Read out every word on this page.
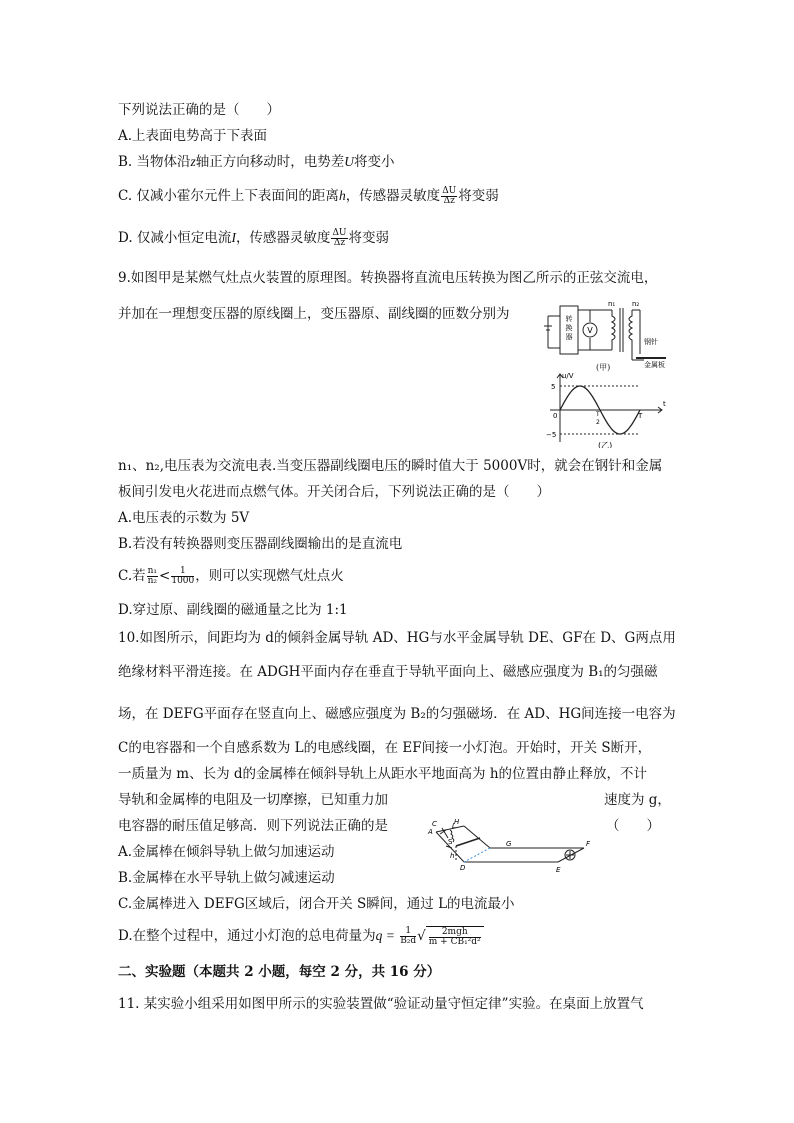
下列说法正确的是（　　）
A.上表面电势高于下表面
B. 当物体沿z轴正方向移动时，电势差U将变小
C. 仅减小霍尔元件上下表面间的距离h，传感器灵敏度 $\frac{\Delta U}{\Delta z}$ 将变弱
D. 仅减小恒定电流I，传感器灵敏度 $\frac{\Delta U}{\Delta z}$ 将变弱
9.如图甲是某燃气灶点火装置的原理图。转换器将直流电压转换为图乙所示的正弦交流电，
并加在一理想变压器的原线圈上，变压器原、副线圈的匝数分别为	转
换
器
V
n₁ n₂
钢针
金属板
(甲)
u/V
t
5
−5
0	T
2
T
(乙)
n₁、n₂,电压表为交流电表.当变压器副线圈电压的瞬时值大于 5000V时，就会在钢针和金属
板间引发电火花进而点燃气体。开关闭合后，下列说法正确的是（　　）
A.电压表的示数为 5V
B.若没有转换器则变压器副线圈输出的是直流电
C.若 $\frac{\text{n₁}}{\text{n₂}} < \frac{1}{1000}$ ，则可以实现燃气灶点火
D.穿过原、副线圈的磁通量之比为 1:1
10.如图所示，间距均为 d的倾斜金属导轨 AD、HG与水平金属导轨 DE、GF在 D、G两点用
绝缘材料平滑连接。在 ADGH平面内存在垂直于导轨平面向上、磁感应强度为 B₁的匀强磁
场，在 DEFG平面存在竖直向上、磁感应强度为 B₂的匀强磁场．在 AD、HG间连接一电容为
C的电容器和一个自感系数为 L的电感线圈，在 EF间接一小灯泡。开始时，开关 S断开，
一质量为 m、长为 d的金属棒在倾斜导轨上从距水平地面高为 h的位置由静止释放，不计
导轨和金属棒的电阻及一切摩擦，已知重力加	速度为 g，
电容器的耐压值足够高．则下列说法正确的是	（　　）
H
A
C L
S
h
D
G
E
F
A.金属棒在倾斜导轨上做匀加速运动
B.金属棒在水平导轨上做匀减速运动
C.金属棒进入 DEFG区域后，闭合开关 S瞬间，通过 L的电流最小
D.在整个过程中，通过小灯泡的总电荷量为$q = \frac{1}{\text{B₂d}}$ √ $\frac{\text{2mgh}}{\text{m + CB₁²d²}}$
二、实验题（本题共 2 小题，每空 2 分，共 16 分）
11. 某实验小组采用如图甲所示的实验装置做“验证动量守恒定律”实验。在桌面上放置气
